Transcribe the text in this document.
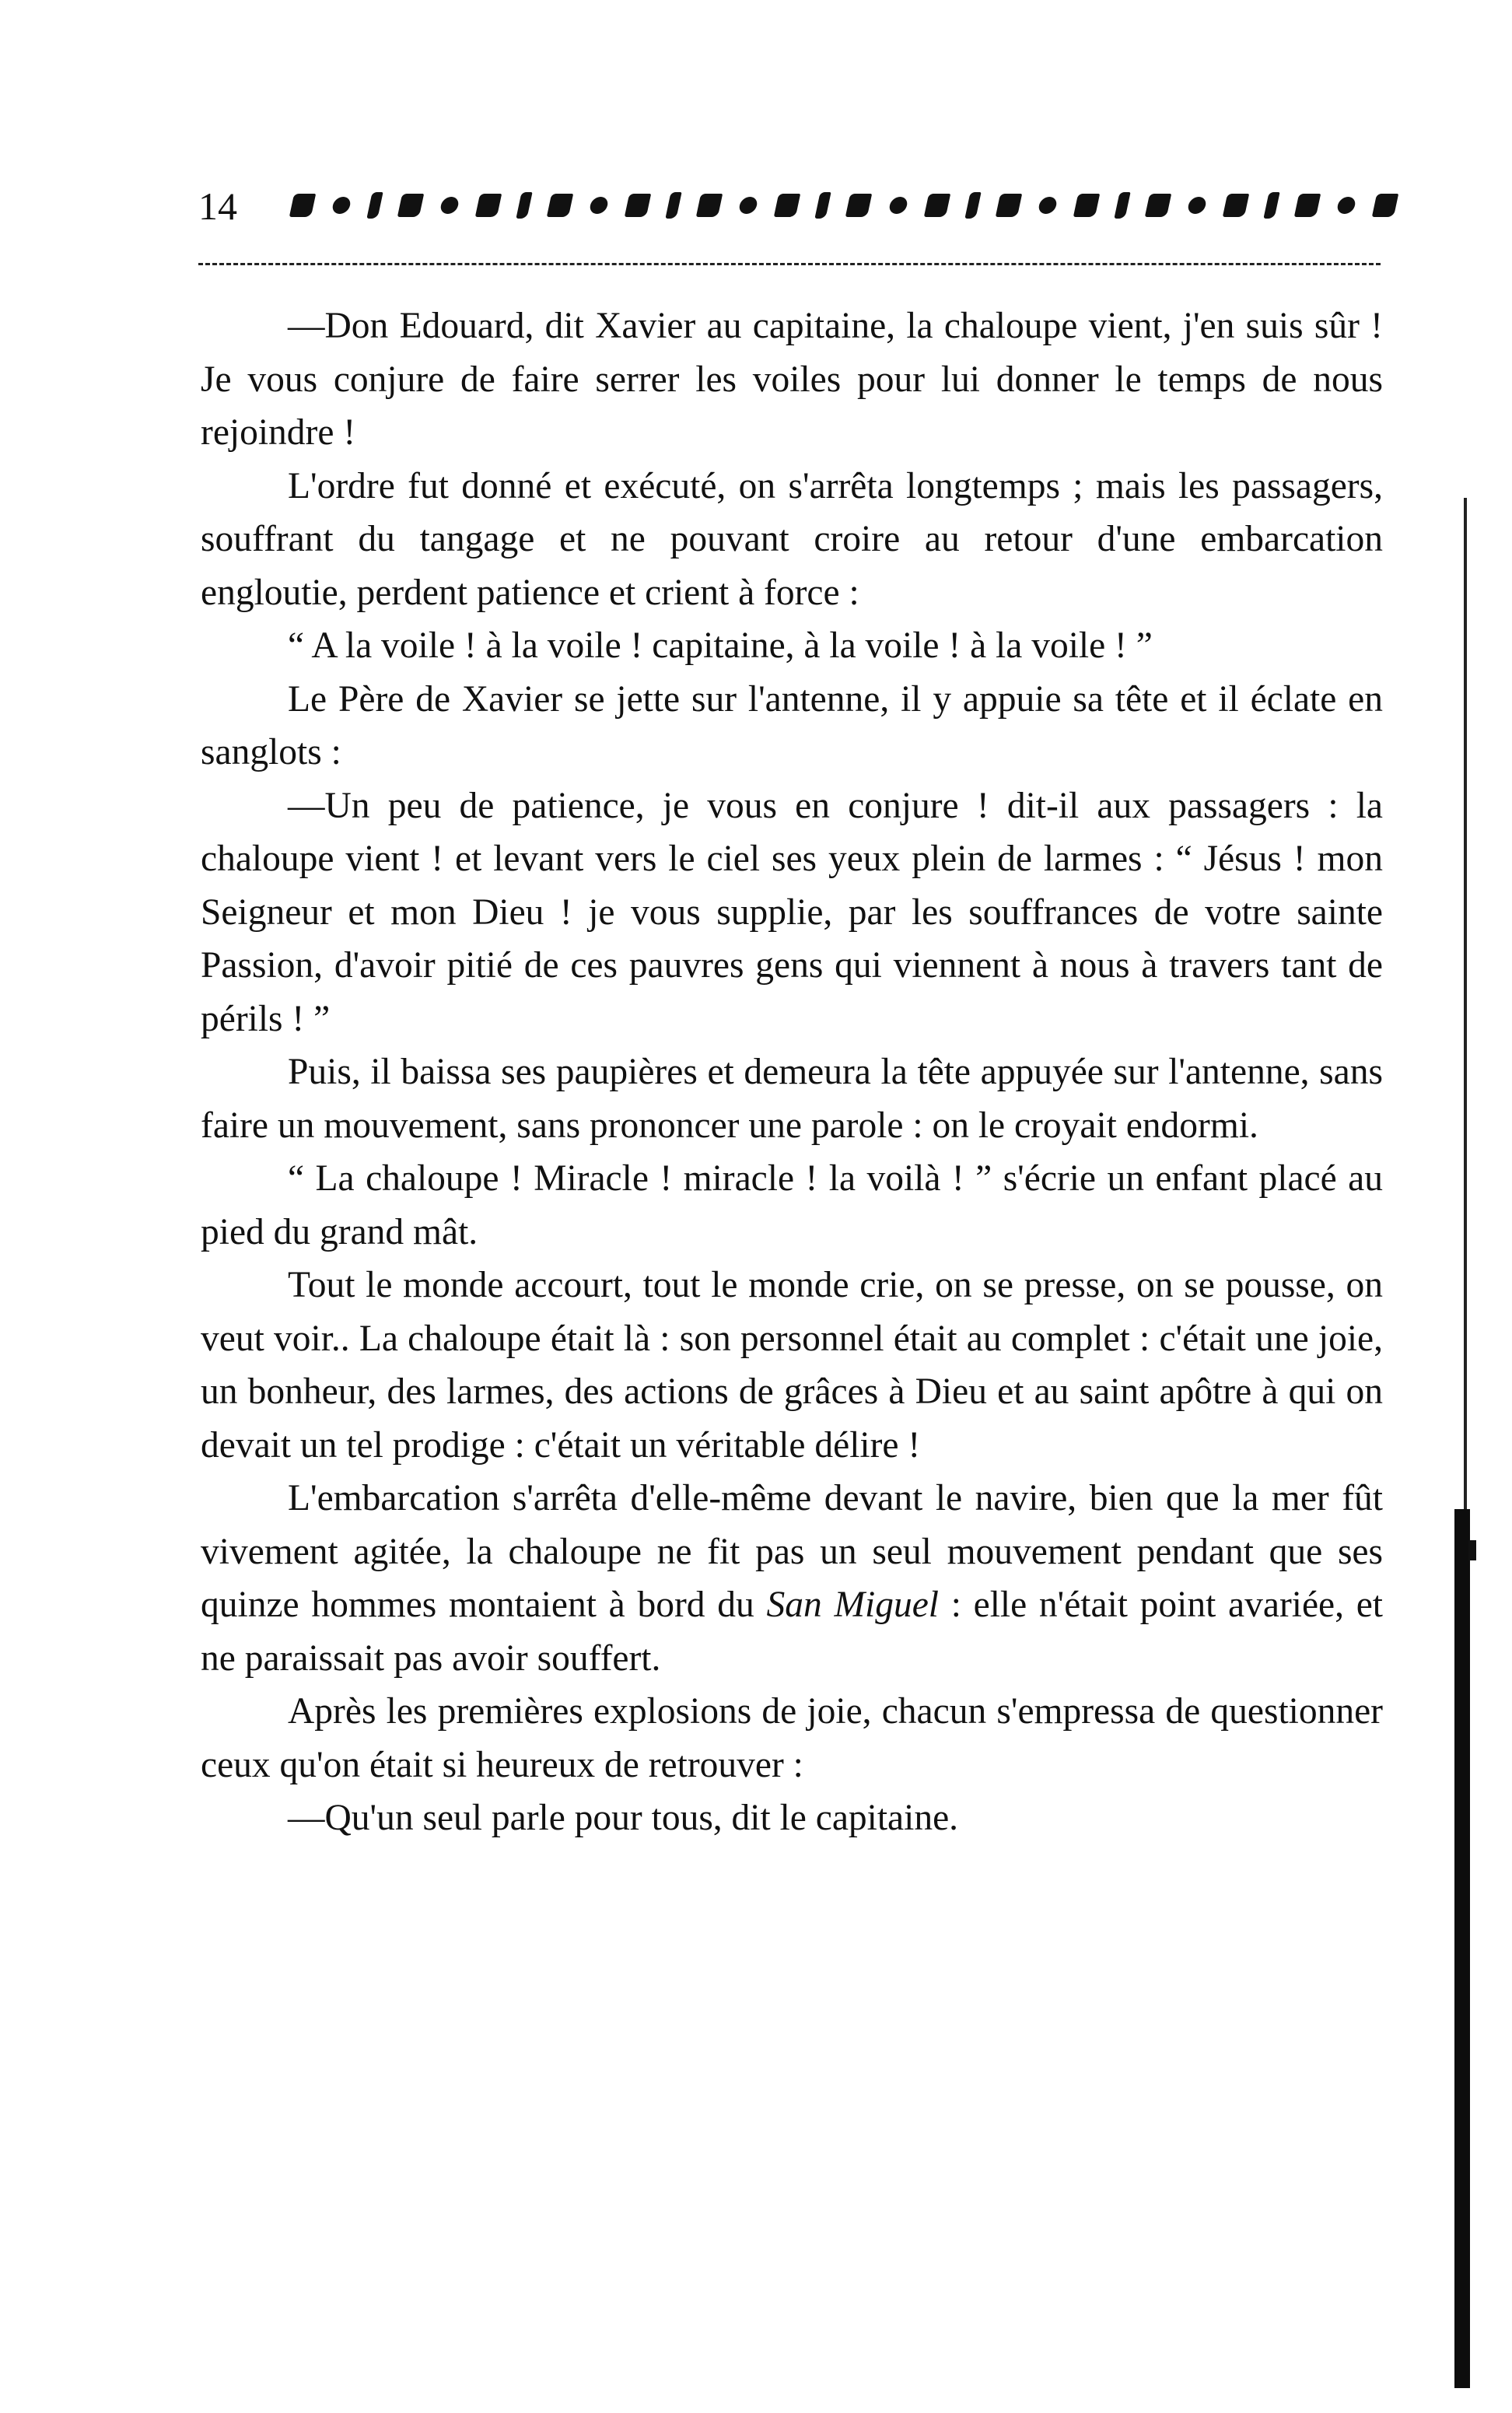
14

—Don Edouard, dit Xavier au capitaine, la chaloupe vient, j'en suis sûr ! Je vous conjure de faire serrer les voiles pour lui donner le temps de nous rejoindre !

L'ordre fut donné et exécuté, on s'arrêta longtemps ; mais les passagers, souffrant du tangage et ne pouvant croire au retour d'une embarcation engloutie, perdent patience et crient à force :

“ A la voile ! à la voile ! capitaine, à la voile ! à la voile ! ”

Le Père de Xavier se jette sur l'antenne, il y appuie sa tête et il éclate en sanglots :

—Un peu de patience, je vous en conjure ! dit-il aux passagers : la chaloupe vient ! et levant vers le ciel ses yeux plein de larmes : “ Jésus ! mon Seigneur et mon Dieu ! je vous supplie, par les souffrances de votre sainte Passion, d'avoir pitié de ces pauvres gens qui viennent à nous à travers tant de périls ! ”

Puis, il baissa ses paupières et demeura la tête appuyée sur l'antenne, sans faire un mouvement, sans prononcer une parole : on le croyait endormi.

“ La chaloupe ! Miracle ! miracle ! la voilà ! ” s'écrie un enfant placé au pied du grand mât.

Tout le monde accourt, tout le monde crie, on se presse, on se pousse, on veut voir.. La chaloupe était là : son personnel était au complet : c'était une joie, un bonheur, des larmes, des actions de grâces à Dieu et au saint apôtre à qui on devait un tel prodige : c'était un véritable délire !

L'embarcation s'arrêta d'elle-même devant le navire, bien que la mer fût vivement agitée, la chaloupe ne fit pas un seul mouvement pendant que ses quinze hommes montaient à bord du San Miguel : elle n'était point avariée, et ne paraissait pas avoir souffert.

Après les premières explosions de joie, chacun s'empressa de questionner ceux qu'on était si heureux de retrouver :

—Qu'un seul parle pour tous, dit le capitaine.
